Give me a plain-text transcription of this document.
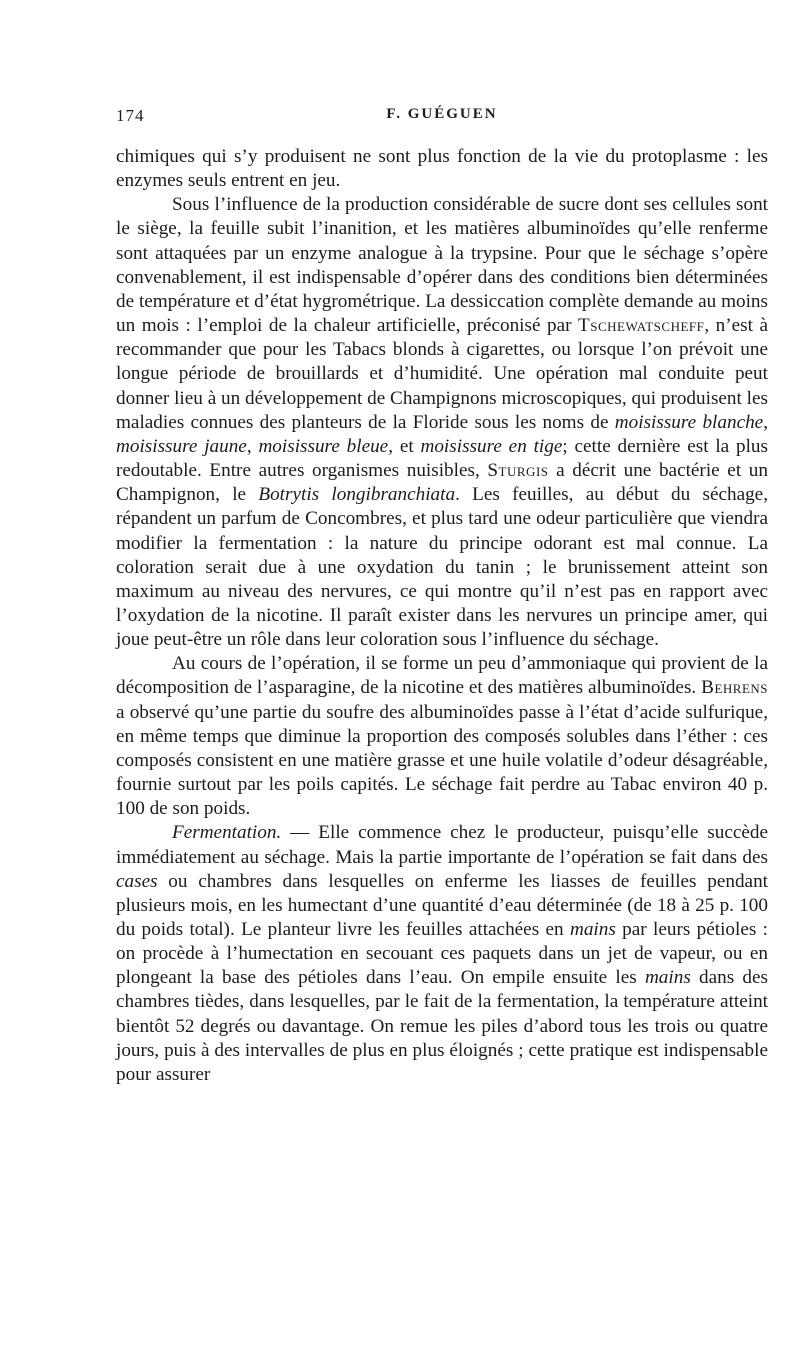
174	F. GUÉGUEN

chimiques qui s’y produisent ne sont plus fonction de la vie du protoplasme : les enzymes seuls entrent en jeu.

Sous l’influence de la production considérable de sucre dont ses cellules sont le siège, la feuille subit l’inanition, et les matières albuminoïdes qu’elle renferme sont attaquées par un enzyme analogue à la trypsine. Pour que le séchage s’opère convenablement, il est indispensable d’opérer dans des conditions bien déterminées de température et d’état hygrométrique. La dessiccation complète demande au moins un mois : l’emploi de la chaleur artificielle, préconisé par Tschewatscheff, n’est à recommander que pour les Tabacs blonds à cigarettes, ou lorsque l’on prévoit une longue période de brouillards et d’humidité. Une opération mal conduite peut donner lieu à un développement de Champignons microscopiques, qui produisent les maladies connues des planteurs de la Floride sous les noms de moisissure blanche, moisissure jaune, moisissure bleue, et moisissure en tige; cette dernière est la plus redoutable. Entre autres organismes nuisibles, Sturgis a décrit une bactérie et un Champignon, le Botrytis longibranchiata. Les feuilles, au début du séchage, répandent un parfum de Concombres, et plus tard une odeur particulière que viendra modifier la fermentation : la nature du principe odorant est mal connue. La coloration serait due à une oxydation du tanin ; le brunissement atteint son maximum au niveau des nervures, ce qui montre qu’il n’est pas en rapport avec l’oxydation de la nicotine. Il paraît exister dans les nervures un principe amer, qui joue peut-être un rôle dans leur coloration sous l’influence du séchage.

Au cours de l’opération, il se forme un peu d’ammoniaque qui provient de la décomposition de l’asparagine, de la nicotine et des matières albuminoïdes. Behrens a observé qu’une partie du soufre des albuminoïdes passe à l’état d’acide sulfurique, en même temps que diminue la proportion des composés solubles dans l’éther : ces composés consistent en une matière grasse et une huile volatile d’odeur désagréable, fournie surtout par les poils capités. Le séchage fait perdre au Tabac environ 40 p. 100 de son poids.

Fermentation. — Elle commence chez le producteur, puisqu’elle succède immédiatement au séchage. Mais la partie importante de l’opération se fait dans des cases ou chambres dans lesquelles on enferme les liasses de feuilles pendant plusieurs mois, en les humectant d’une quantité d’eau déterminée (de 18 à 25 p. 100 du poids total). Le planteur livre les feuilles attachées en mains par leurs pétioles : on procède à l’humectation en secouant ces paquets dans un jet de vapeur, ou en plongeant la base des pétioles dans l’eau. On empile ensuite les mains dans des chambres tièdes, dans lesquelles, par le fait de la fermentation, la température atteint bientôt 52 degrés ou davantage. On remue les piles d’abord tous les trois ou quatre jours, puis à des intervalles de plus en plus éloignés ; cette pratique est indispensable pour assurer
